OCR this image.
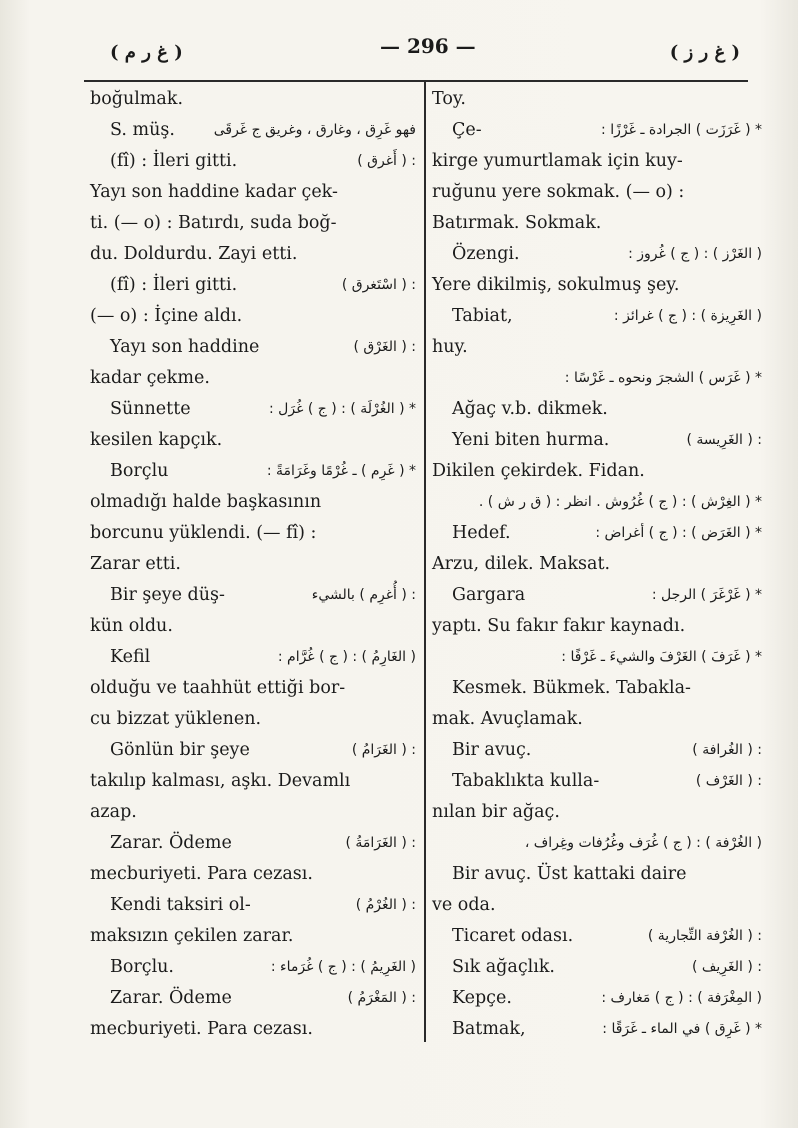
( غ ر م )	— 296 —	( غ ر ز )
boğulmak.
S. müş.	فهو غَرِق ، وغارق ، وغريق ج غَرقَى
(fî) : İleri gitti.	: ( أَغرق )
Yayı son haddine kadar çek-
ti. (— o) : Batırdı, suda boğ-
du. Doldurdu. Zayi etti.
(fî) : İleri gitti.	: ( اسْتَغرق )
(— o) : İçine aldı.
Yayı son haddine	: ( الغَرْق )
kadar çekme.
Sünnette	* ( الغُرْلَة ) : ( ج ) غُرَل :
kesilen kapçık.
Borçlu	* ( غَرِم ) ـ غُرْمًا وغَرَامَةً :
olmadığı halde başkasının
borcunu yüklendi. (— fî) :
Zarar etti.
Bir şeye düş-	: ( أُغرِم ) بالشيء
kün oldu.
Kefil	( الغَارِمُ ) : ( ج ) غُرَّام :
olduğu ve taahhüt ettiği bor-
cu bizzat yüklenen.
Gönlün bir şeye	: ( الغَرَامُ )
takılıp kalması, aşkı. Devamlı
azap.
Zarar. Ödeme	: ( الغَرَامَةُ )
mecburiyeti. Para cezası.
Kendi taksiri ol-	: ( الغُرْمُ )
maksızın çekilen zarar.
Borçlu.	( الغَرِيمُ ) : ( ج ) غُرَماء :
Zarar. Ödeme	: ( المَغْرَمُ )
mecburiyeti. Para cezası.
Toy.
Çe-	* ( غَرَزَت ) الجرادة ـ غَرْزًا :
kirge yumurtlamak için kuy-
ruğunu yere sokmak. (— o) :
Batırmak. Sokmak.
Özengi.	( الغَرْز ) : ( ج ) غُروز :
Yere dikilmiş, sokulmuş şey.
Tabiat,	( الغَرِيزة ) : ( ج ) غرائز :
huy.
* ( غَرَس ) الشجرَ ونحوه ـ غَرْسًا :
Ağaç v.b. dikmek.
Yeni biten hurma.	: ( الغَرِيسة )
Dikilen çekirdek. Fidan.
* ( الغِرْش ) : ( ج ) غُرُوش . انظر : ( ق ر ش ) .
Hedef.	* ( الغَرَض ) : ( ج ) أغراض :
Arzu, dilek. Maksat.
Gargara	* ( غَرْغَرَ ) الرجل :
yaptı. Su fakır fakır kaynadı.
* ( غَرَفَ ) الغَرْفَ والشيءَ ـ غَرْفًا :
Kesmek. Bükmek. Tabakla-
mak. Avuçlamak.
Bir avuç.	: ( الغُرافة )
Tabaklıkta kulla-	: ( الغَرْف )
nılan bir ağaç.
( الغُرْفة ) : ( ج ) غُرَف وغُرُفات وغِراف ،
Bir avuç. Üst kattaki daire
ve oda.
Ticaret odası.	: ( الغُرْفة التِّجارية )
Sık ağaçlık.	: ( الغَرِيف )
Kepçe.	( المِغْرَفة ) : ( ج ) مَغارف :
Batmak,	* ( غَرِق ) في الماء ـ غَرَقًا :
